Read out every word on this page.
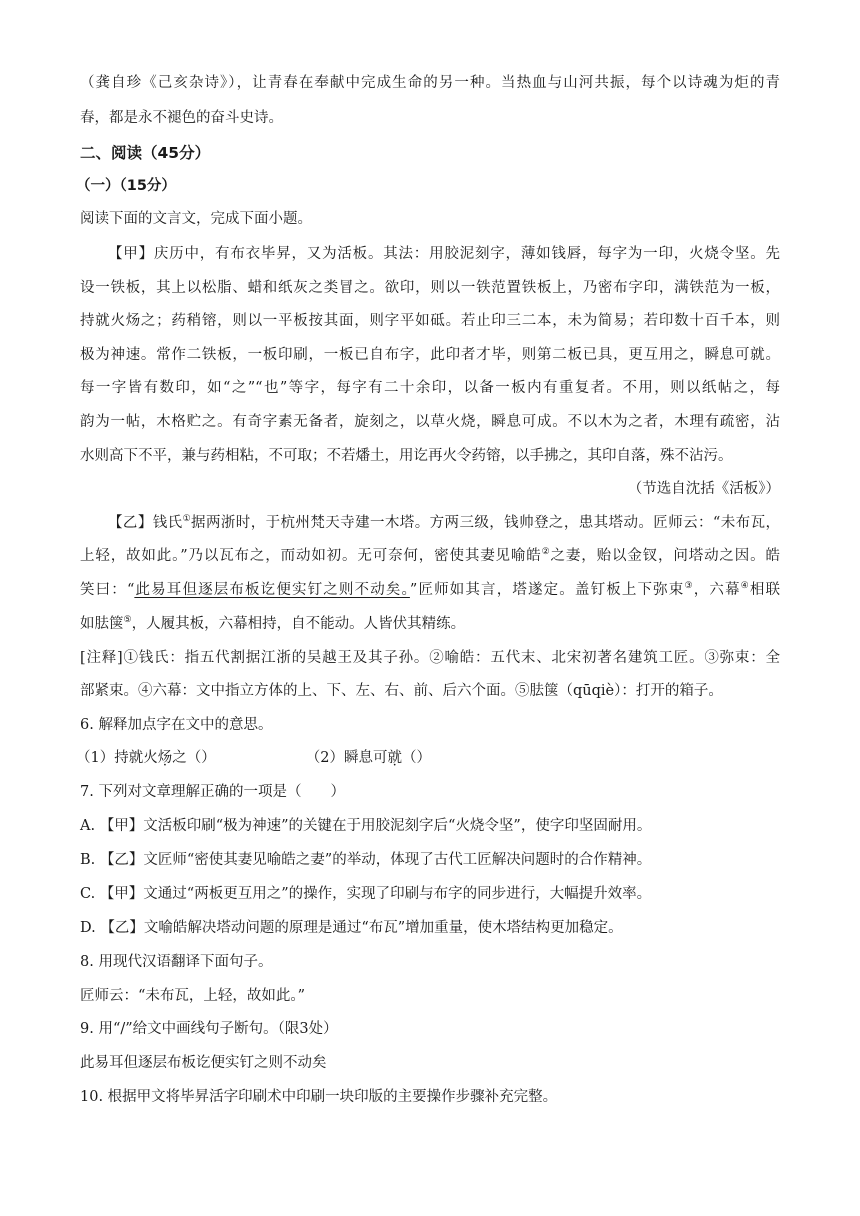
（龚自珍《己亥杂诗》），让青春在奉献中完成生命的另一种。当热血与山河共振，每个以诗魂为炬的青
春，都是永不褪色的奋斗史诗。
二、阅读（45分）
（一）（15分）
阅读下面的文言文，完成下面小题。
【甲】庆历中，有布衣毕昇，又为活板。其法：用胶泥刻字，薄如钱唇，每字为一印，火烧令坚。先
设一铁板，其上以松脂、蜡和纸灰之类冒之。欲印，则以一铁范置铁板上，乃密布字印，满铁范为一板，
持就火炀之；药稍镕，则以一平板按其面，则字平如砥。若止印三二本，未为简易；若印数十百千本，则
极为神速。常作二铁板，一板印刷，一板已自布字，此印者才毕，则第二板已具，更互用之，瞬息可就。
每一字皆有数印，如“之”“也”等字，每字有二十余印，以备一板内有重复者。不用，则以纸帖之，每
韵为一帖，木格贮之。有奇字素无备者，旋刻之，以草火烧，瞬息可成。不以木为之者，木理有疏密，沾
水则高下不平，兼与药相粘，不可取；不若燔土，用讫再火令药镕，以手拂之，其印自落，殊不沾污。
（节选自沈括《活板》）
【乙】钱氏①据两浙时，于杭州梵天寺建一木塔。方两三级，钱帅登之，患其塔动。匠师云：“未布瓦，
上轻，故如此。”乃以瓦布之，而动如初。无可奈何，密使其妻见喻皓②之妻，贻以金钗，问塔动之因。皓
笑曰：“此易耳但逐层布板讫便实钉之则不动矣。”匠师如其言，塔遂定。盖钉板上下弥束③，六幕④相联
如胠箧⑤，人履其板，六幕相持，自不能动。人皆伏其精练。
[注释]①钱氏：指五代割据江浙的吴越王及其子孙。②喻皓：五代末、北宋初著名建筑工匠。③弥束：全
部紧束。④六幕：文中指立方体的上、下、左、右、前、后六个面。⑤胠箧（qūqiè）：打开的箱子。
6. 解释加点字在文中的意思。
（1）持就火炀之（）	（2）瞬息可就（）
7. 下列对文章理解正确的一项是（　　）
A. 【甲】文活板印刷“极为神速”的关键在于用胶泥刻字后“火烧令坚”，使字印坚固耐用。
B. 【乙】文匠师“密使其妻见喻皓之妻”的举动，体现了古代工匠解决问题时的合作精神。
C. 【甲】文通过“两板更互用之”的操作，实现了印刷与布字的同步进行，大幅提升效率。
D. 【乙】文喻皓解决塔动问题的原理是通过“布瓦”增加重量，使木塔结构更加稳定。
8. 用现代汉语翻译下面句子。
匠师云：“未布瓦，上轻，故如此。”
9. 用“/”给文中画线句子断句。（限3处）
此易耳但逐层布板讫便实钉之则不动矣
10. 根据甲文将毕昇活字印刷术中印刷一块印版的主要操作步骤补充完整。
